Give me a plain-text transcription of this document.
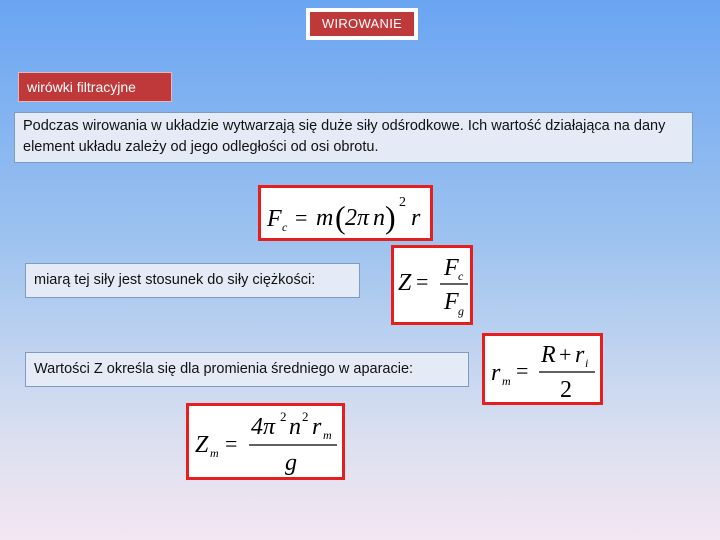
WIROWANIE
wirówki filtracyjne
Podczas wirowania w układzie wytwarzają się duże siły odśrodkowe. Ich wartość działająca na dany element układu zależy od jego odległości od osi obrotu.
F c = m ( 2π n ) 2
r
miarą tej siły jest stosunek do siły ciężkości:	Z =
F c
F g
Wartości Z określa się dla promienia średniego w aparacie:	r m =
R + r i
2
Z m =
4π 2 n 2 r m
g
